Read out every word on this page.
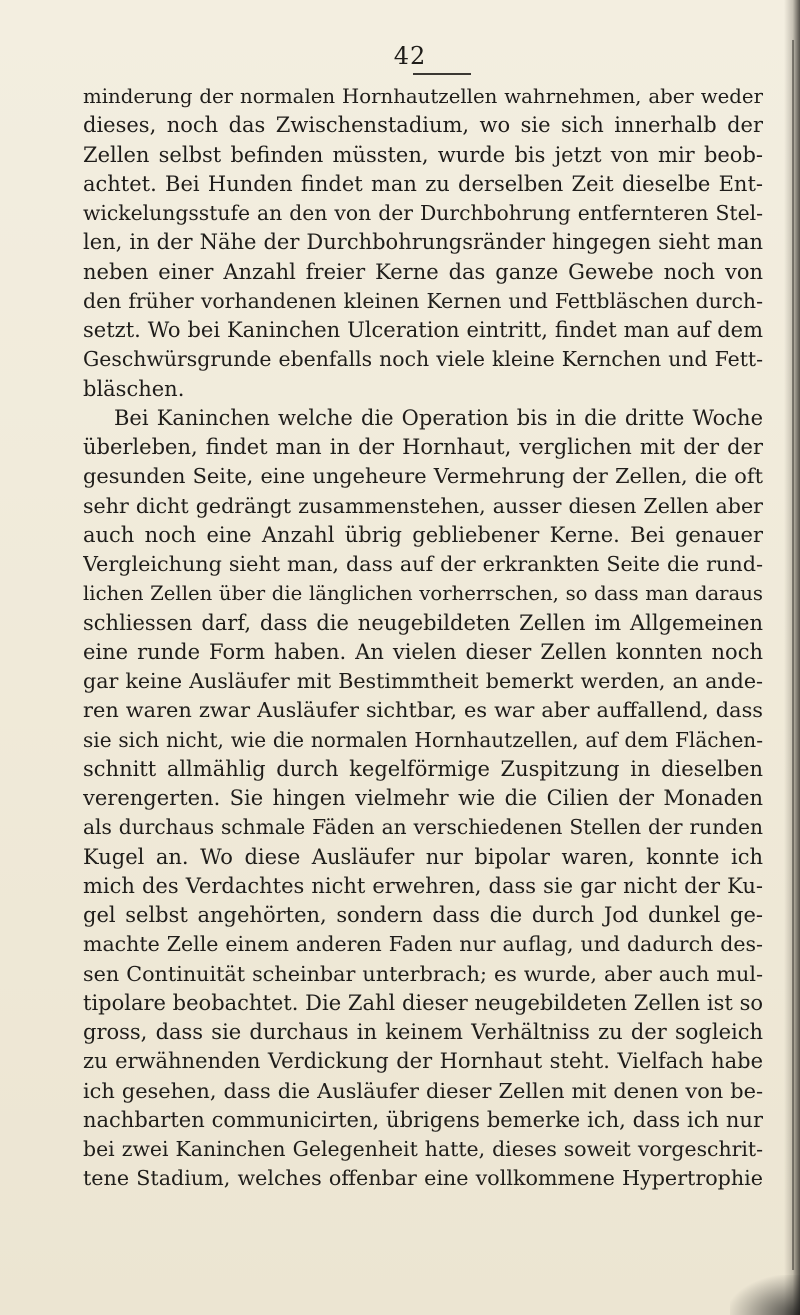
42
minderung der normalen Hornhautzellen wahrnehmen, aber weder
dieses, noch das Zwischenstadium, wo sie sich innerhalb der
Zellen selbst befinden müssten, wurde bis jetzt von mir beob-
achtet. Bei Hunden findet man zu derselben Zeit dieselbe Ent-
wickelungsstufe an den von der Durchbohrung entfernteren Stel-
len, in der Nähe der Durchbohrungsränder hingegen sieht man
neben einer Anzahl freier Kerne das ganze Gewebe noch von
den früher vorhandenen kleinen Kernen und Fettbläschen durch-
setzt. Wo bei Kaninchen Ulceration eintritt, findet man auf dem
Geschwürsgrunde ebenfalls noch viele kleine Kernchen und Fett-
bläschen.
Bei Kaninchen welche die Operation bis in die dritte Woche
überleben, findet man in der Hornhaut, verglichen mit der der
gesunden Seite, eine ungeheure Vermehrung der Zellen, die oft
sehr dicht gedrängt zusammenstehen, ausser diesen Zellen aber
auch noch eine Anzahl übrig gebliebener Kerne. Bei genauer
Vergleichung sieht man, dass auf der erkrankten Seite die rund-
lichen Zellen über die länglichen vorherrschen, so dass man daraus
schliessen darf, dass die neugebildeten Zellen im Allgemeinen
eine runde Form haben. An vielen dieser Zellen konnten noch
gar keine Ausläufer mit Bestimmtheit bemerkt werden, an ande-
ren waren zwar Ausläufer sichtbar, es war aber auffallend, dass
sie sich nicht, wie die normalen Hornhautzellen, auf dem Flächen-
schnitt allmählig durch kegelförmige Zuspitzung in dieselben
verengerten. Sie hingen vielmehr wie die Cilien der Monaden
als durchaus schmale Fäden an verschiedenen Stellen der runden
Kugel an. Wo diese Ausläufer nur bipolar waren, konnte ich
mich des Verdachtes nicht erwehren, dass sie gar nicht der Ku-
gel selbst angehörten, sondern dass die durch Jod dunkel ge-
machte Zelle einem anderen Faden nur auflag, und dadurch des-
sen Continuität scheinbar unterbrach; es wurde, aber auch mul-
tipolare beobachtet. Die Zahl dieser neugebildeten Zellen ist so
gross, dass sie durchaus in keinem Verhältniss zu der sogleich
zu erwähnenden Verdickung der Hornhaut steht. Vielfach habe
ich gesehen, dass die Ausläufer dieser Zellen mit denen von be-
nachbarten communicirten, übrigens bemerke ich, dass ich nur
bei zwei Kaninchen Gelegenheit hatte, dieses soweit vorgeschrit-
tene Stadium, welches offenbar eine vollkommene Hypertrophie
